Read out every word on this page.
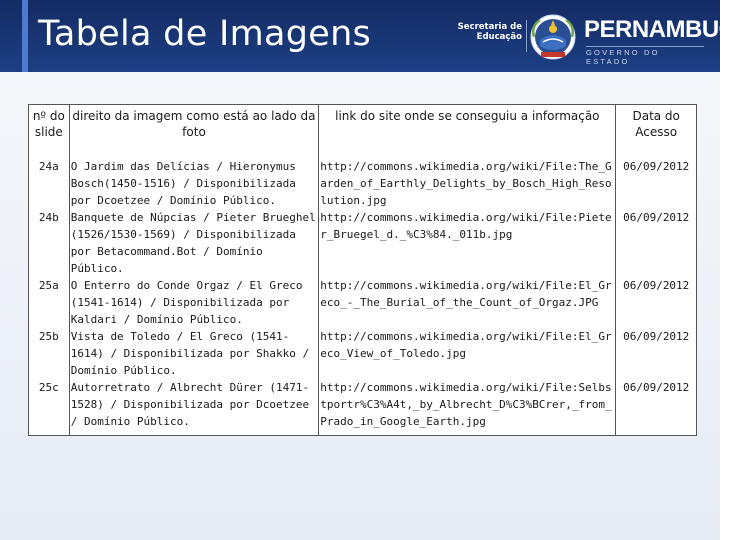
Tabela de Imagens	Secretaria de Educação	PERNAMBUCO
GOVERNO DO ESTADO
nº do slide	direito da imagem como está ao lado da foto	link do site onde se conseguiu a informação	Data do Acesso
24a	O Jardim das Delícias / Hieronymus Bosch(1450-1516) / Disponibilizada por Dcoetzee / Domínio Público.	http://commons.wikimedia.org/wiki/File:The_Garden_of_Earthly_Delights_by_Bosch_High_Resolution.jpg	06/09/2012
24b	Banquete de Núpcias / Pieter Brueghel (1526/1530-1569) / Disponibilizada por Betacommand.Bot / Domínio Público.	http://commons.wikimedia.org/wiki/File:Pieter_Bruegel_d._%C3%84._011b.jpg	06/09/2012
25a	O Enterro do Conde Orgaz / El Greco (1541-1614) / Disponibilizada por Kaldari / Domínio Público.	http://commons.wikimedia.org/wiki/File:El_Greco_-_The_Burial_of_the_Count_of_Orgaz.JPG	06/09/2012
25b	Vista de Toledo / El Greco (1541-1614) / Disponibilizada por Shakko / Domínio Público.	http://commons.wikimedia.org/wiki/File:El_Greco_View_of_Toledo.jpg	06/09/2012
25c	Autorretrato / Albrecht Dürer (1471-1528) / Disponibilizada por Dcoetzee / Domínio Público.	http://commons.wikimedia.org/wiki/File:Selbstportr%C3%A4t,_by_Albrecht_D%C3%BCrer,_from_Prado_in_Google_Earth.jpg	06/09/2012
